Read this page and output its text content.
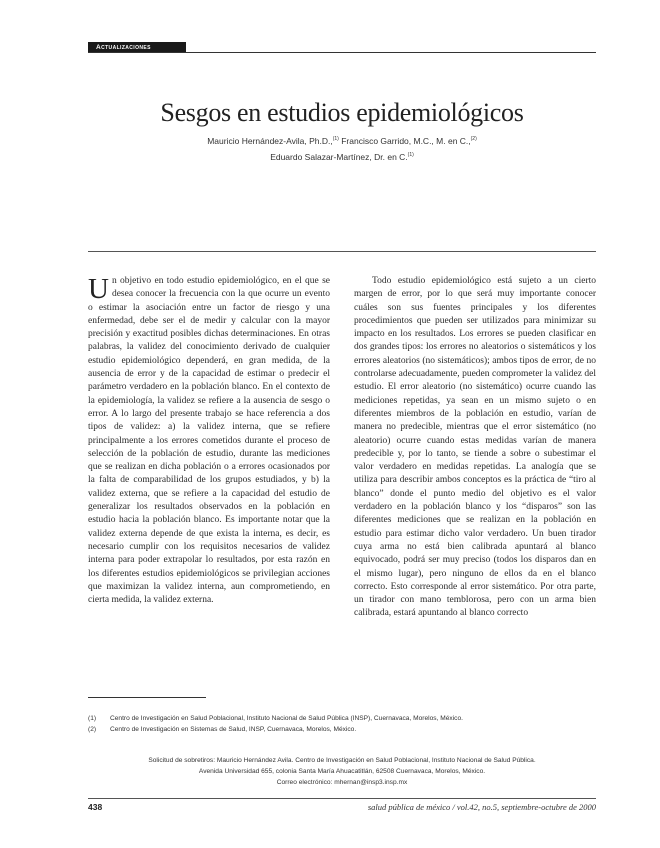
Actualizaciones
Sesgos en estudios epidemiológicos
Mauricio Hernández-Avila, Ph.D.,$^{(1)}$ Francisco Garrido, M.C., M. en C.,$^{(2)}$
Eduardo Salazar-Martínez, Dr. en C.$^{(1)}$
Un objetivo en todo estudio epidemiológico, en el que se desea conocer la frecuencia con la que ocurre un evento o estimar la asociación entre un factor de riesgo y una enfermedad, debe ser el de medir y calcular con la mayor precisión y exactitud posibles dichas determinaciones. En otras palabras, la validez del conocimiento derivado de cualquier estudio epidemiológico dependerá, en gran medida, de la ausencia de error y de la capacidad de estimar o predecir el parámetro verdadero en la población blanco. En el contexto de la epidemiología, la validez se refiere a la ausencia de sesgo o error. A lo largo del presente trabajo se hace referencia a dos tipos de validez: a) la validez interna, que se refiere principalmente a los errores cometidos durante el proceso de selección de la población de estudio, durante las mediciones que se realizan en dicha población o a errores ocasionados por la falta de comparabilidad de los grupos estudiados, y b) la validez externa, que se refiere a la capacidad del estudio de generalizar los resultados observados en la población en estudio hacia la población blanco. Es importante notar que la validez externa depende de que exista la interna, es decir, es necesario cumplir con los requisitos necesarios de validez interna para poder extrapolar lo resultados, por esta razón en los diferentes estudios epidemiológicos se privilegian acciones que maximizan la validez interna, aun comprometiendo, en cierta medida, la validez externa.
Todo estudio epidemiológico está sujeto a un cierto margen de error, por lo que será muy importante conocer cuáles son sus fuentes principales y los diferentes procedimientos que pueden ser utilizados para minimizar su impacto en los resultados. Los errores se pueden clasificar en dos grandes tipos: los errores no aleatorios o sistemáticos y los errores aleatorios (no sistemáticos); ambos tipos de error, de no controlarse adecuadamente, pueden comprometer la validez del estudio. El error aleatorio (no sistemático) ocurre cuando las mediciones repetidas, ya sean en un mismo sujeto o en diferentes miembros de la población en estudio, varían de manera no predecible, mientras que el error sistemático (no aleatorio) ocurre cuando estas medidas varían de manera predecible y, por lo tanto, se tiende a sobre o subestimar el valor verdadero en medidas repetidas. La analogía que se utiliza para describir ambos conceptos es la práctica de “tiro al blanco” donde el punto medio del objetivo es el valor verdadero en la población blanco y los “disparos” son las diferentes mediciones que se realizan en la población en estudio para estimar dicho valor verdadero. Un buen tirador cuya arma no está bien calibrada apuntará al blanco equivocado, podrá ser muy preciso (todos los disparos dan en el mismo lugar), pero ninguno de ellos da en el blanco correcto. Esto corresponde al error sistemático. Por otra parte, un tirador con mano temblorosa, pero con un arma bien calibrada, estará apuntando al blanco correcto
(1)	Centro de Investigación en Salud Poblacional, Instituto Nacional de Salud Pública (INSP), Cuernavaca, Morelos, México.
(2)	Centro de Investigación en Sistemas de Salud, INSP, Cuernavaca, Morelos, México.
Solicitud de sobretiros: Mauricio Hernández Avila. Centro de Investigación en Salud Poblacional, Instituto Nacional de Salud Pública.
Avenida Universidad 655, colonia Santa María Ahuacatitlán, 62508 Cuernavaca, Morelos, México.
Correo electrónico: mhernan@insp3.insp.mx
438	salud pública de méxico / vol.42, no.5, septiembre-octubre de 2000
